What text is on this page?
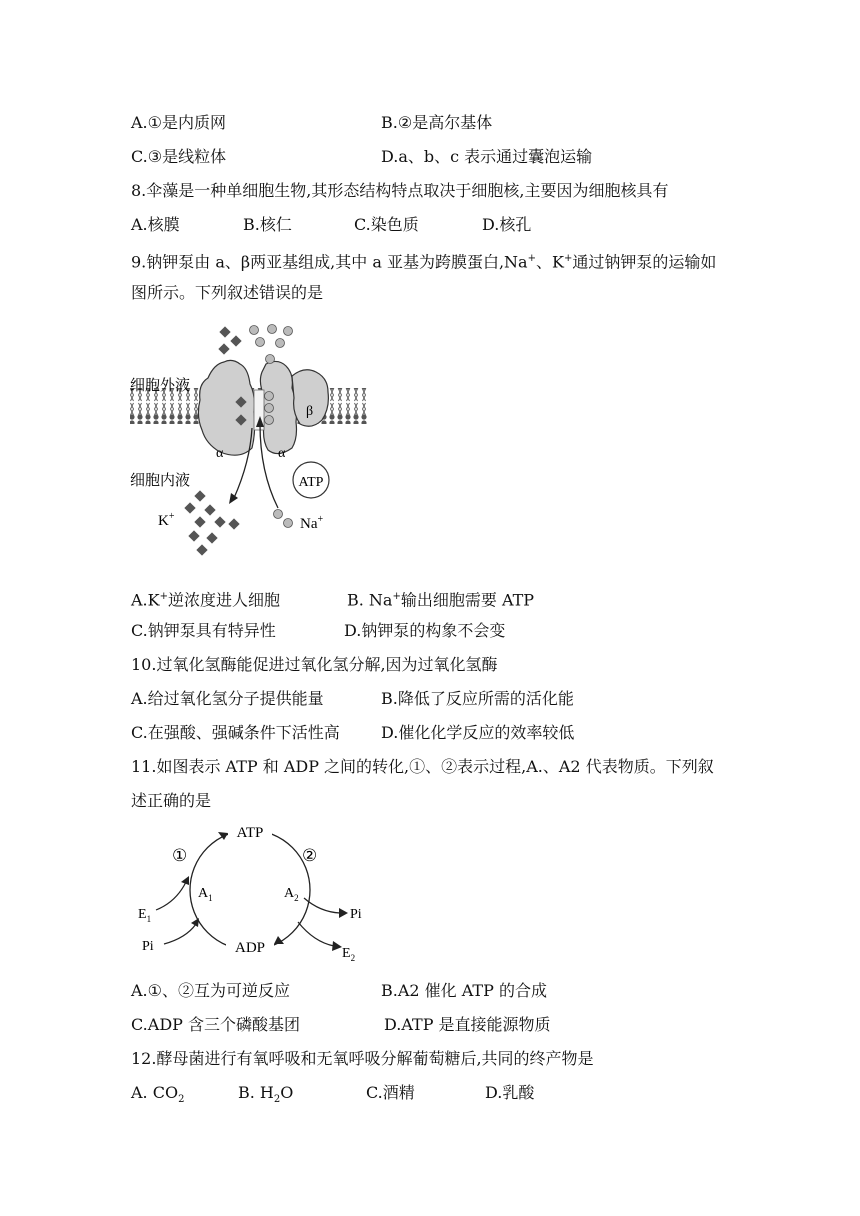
A.①是内质网	B.②是高尔基体
C.③是线粒体	D.a、b、c 表示通过囊泡运输
8.伞藻是一种单细胞生物,其形态结构特点取决于细胞核,主要因为细胞核具有
A.核膜	B.核仁	C.染色质	D.核孔
9.钠钾泵由 a、β两亚基组成,其中 a 亚基为跨膜蛋白,Na+、K+通过钠钾泵的运输如
图所示。下列叙述错误的是
细胞外液
细胞内液
α	α
β
ATP
K+	Na+
A.K+逆浓度进人细胞	B. Na+输出细胞需要 ATP
C.钠钾泵具有特异性	D.钠钾泵的构象不会变
10.过氧化氢酶能促进过氧化氢分解,因为过氧化氢酶
A.给过氧化氢分子提供能量	B.降低了反应所需的活化能
C.在强酸、强碱条件下活性高	D.催化化学反应的效率较低
11.如图表示 ATP 和 ADP 之间的转化,①、②表示过程,A.、A2 代表物质。下列叙
述正确的是
ATP
ADP
①	②
$A_1$	$A_2$
$E_1$
Pi
Pi
$E_2$
A.①、②互为可逆反应	B.A2 催化 ATP 的合成
C.ADP 含三个磷酸基团	D.ATP 是直接能源物质
12.酵母菌进行有氧呼吸和无氧呼吸分解葡萄糖后,共同的终产物是
A. $CO_2$	B. $H_2O$	C.酒精	D.乳酸
